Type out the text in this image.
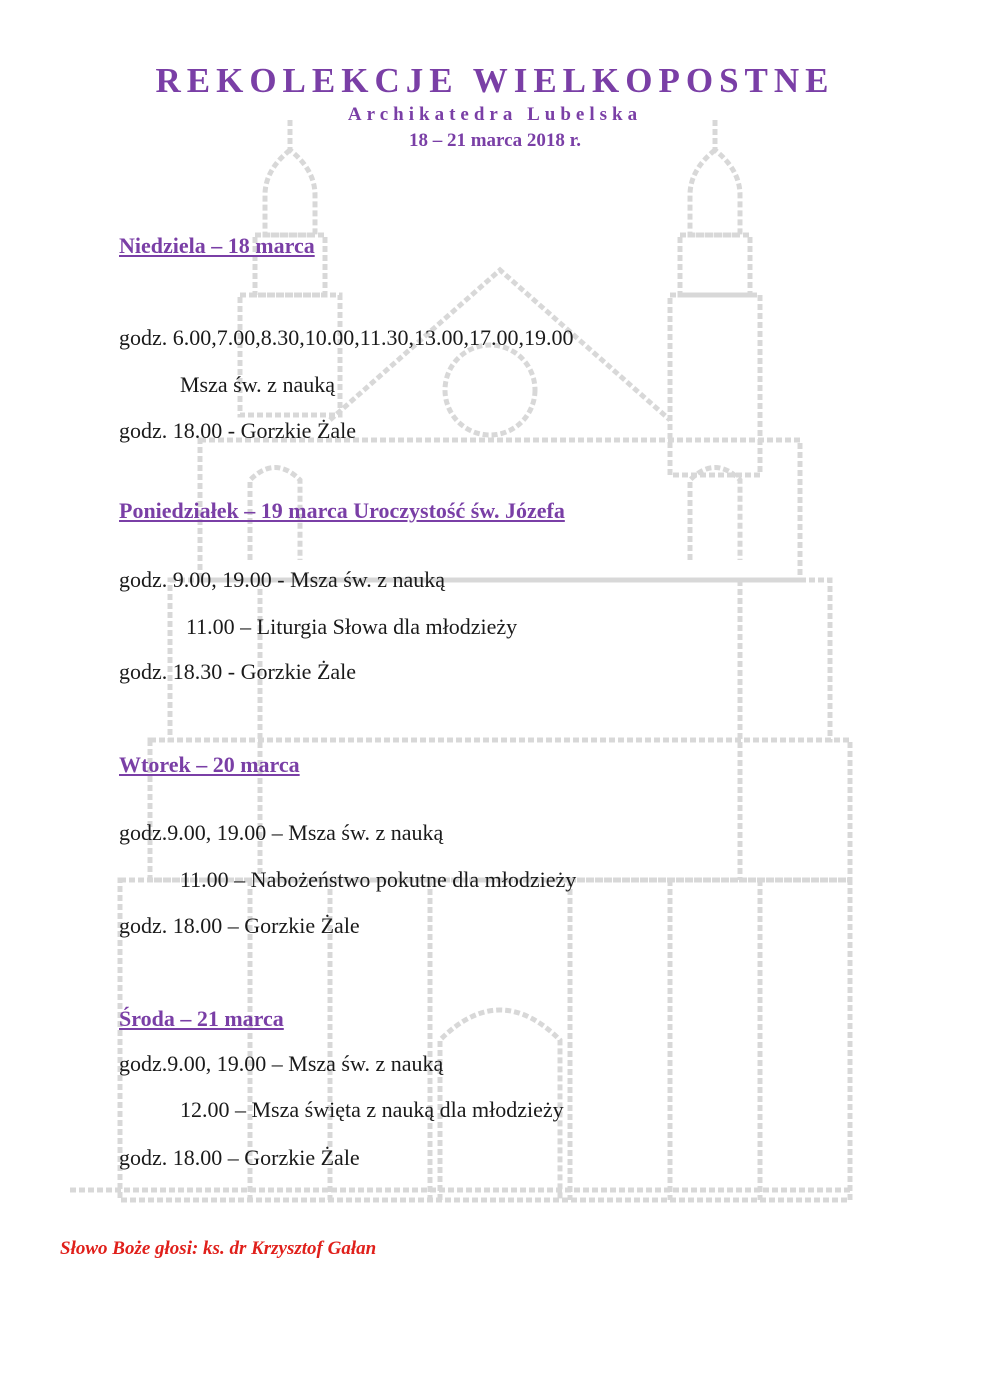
REKOLEKCJE WIELKOPOSTNE
Archikatedra Lubelska
18 – 21 marca 2018 r.
Niedziela – 18 marca
godz. 6.00,7.00,8.30,10.00,11.30,13.00,17.00,19.00
Msza św. z nauką
godz. 18.00 - Gorzkie Żale
Poniedziałek – 19 marca Uroczystość św. Józefa
godz. 9.00, 19.00 - Msza św. z nauką
11.00 – Liturgia Słowa dla młodzieży
godz. 18.30 - Gorzkie Żale
Wtorek – 20 marca
godz.9.00, 19.00 – Msza św. z nauką
11.00 – Nabożeństwo pokutne dla młodzieży
godz. 18.00 – Gorzkie Żale
Środa – 21 marca
godz.9.00, 19.00 – Msza św. z nauką
12.00 – Msza święta z nauką dla młodzieży
godz. 18.00 – Gorzkie Żale
Słowo Boże głosi: ks. dr Krzysztof Gałan
